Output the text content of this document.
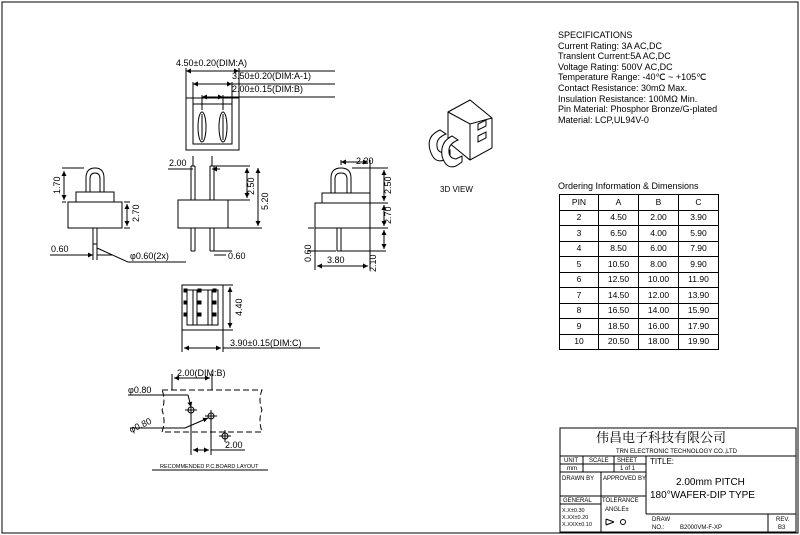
4.50±0.20(DIM:A)
3.50±0.20(DIM:A-1)
2.00±0.15(DIM:B)
1.70
2.70
0.60
φ0.60(2x)
2.00
2.50
5.20
0.60
2.20
2.50
2.70
0.60 3.80	2.10
4.40
3.90±0.15(DIM:C)
2.00(DIM:B)
φ0.80
φ0.80
2.00
RECOMMENDED P.C.BOARD LAYOUT
3D VIEW
伟昌电子科技有限公司
TRN ELECTRONIC TECHNOLOGY CO.,LTD
UNIT
mm
SCALE SHEET
1 of 1
TITLE:
2.00mm PITCH
180°WAFER-DIP TYPE
DRAWN BY APPROVED BY
GENERAL TOLERANCE
X.X±0.30
X.XX±0.20
X.XXX±0.10
ANGLE±
DRAW
NO.:	B2000VM-F-XP
REV.
B3
SPECIFICATIONS
Current Rating: 3A AC,DC
Translent Current:5A AC,DC
Voltage Rating: 500V AC,DC
Temperature Range: -40℃ ~ +105℃
Contact Resistance: 30mΩ Max.
Insulation Resistance: 100MΩ Min.
Pin Material: Phosphor Bronze/G-plated
Material: LCP,UL94V-0
Ordering Information & Dimensions
PIN	A	B	C
2	4.50	2.00	3.90
3	6.50	4.00	5.90
4	8.50	6.00	7.90
5	10.50	8.00	9.90
6	12.50	10.00	11.90
7	14.50	12.00	13.90
8	16.50	14.00	15.90
9	18.50	16.00	17.90
10	20.50	18.00	19.90
